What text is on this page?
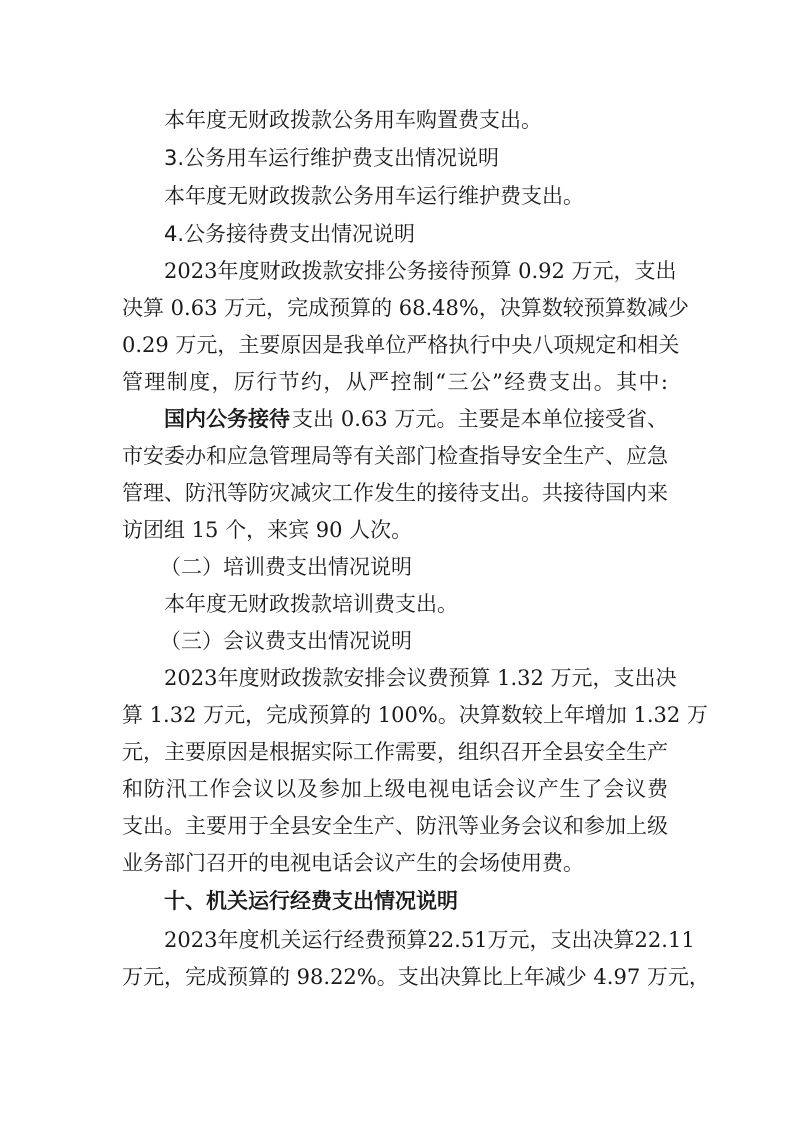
本年度无财政拨款公务用车购置费支出。
3.公务用车运行维护费支出情况说明
本年度无财政拨款公务用车运行维护费支出。
4.公务接待费支出情况说明
2023年度财政拨款安排公务接待预算 0.92 万元，支出
决算 0.63 万元，完成预算的 68.48%，决算数较预算数减少
0.29 万元，主要原因是我单位严格执行中央八项规定和相关
管理制度，厉行节约，从严控制“三公”经费支出。其中:
国内公务接待 支出 0.63 万元。主要是本单位接受省、
市安委办和应急管理局等有关部门检查指导安全生产、应急
管理、防汛等防灾减灾工作发生的接待支出。共接待国内来
访团组 15 个，来宾 90 人次。
（二）培训费支出情况说明
本年度无财政拨款培训费支出。
（三）会议费支出情况说明
2023年度财政拨款安排会议费预算 1.32 万元，支出决
算 1.32 万元，完成预算的 100%。决算数较上年增加 1.32 万
元，主要原因是根据实际工作需要，组织召开全县安全生产
和防汛工作会议以及参加上级电视电话会议产生了会议费
支出。主要用于全县安全生产、防汛等业务会议和参加上级
业务部门召开的电视电话会议产生的会场使用费。
十、机关运行经费支出情况说明
2023年度机关运行经费预算22.51万元，支出决算22.11
万元，完成预算的 98.22%。支出决算比上年减少 4.97 万元，
